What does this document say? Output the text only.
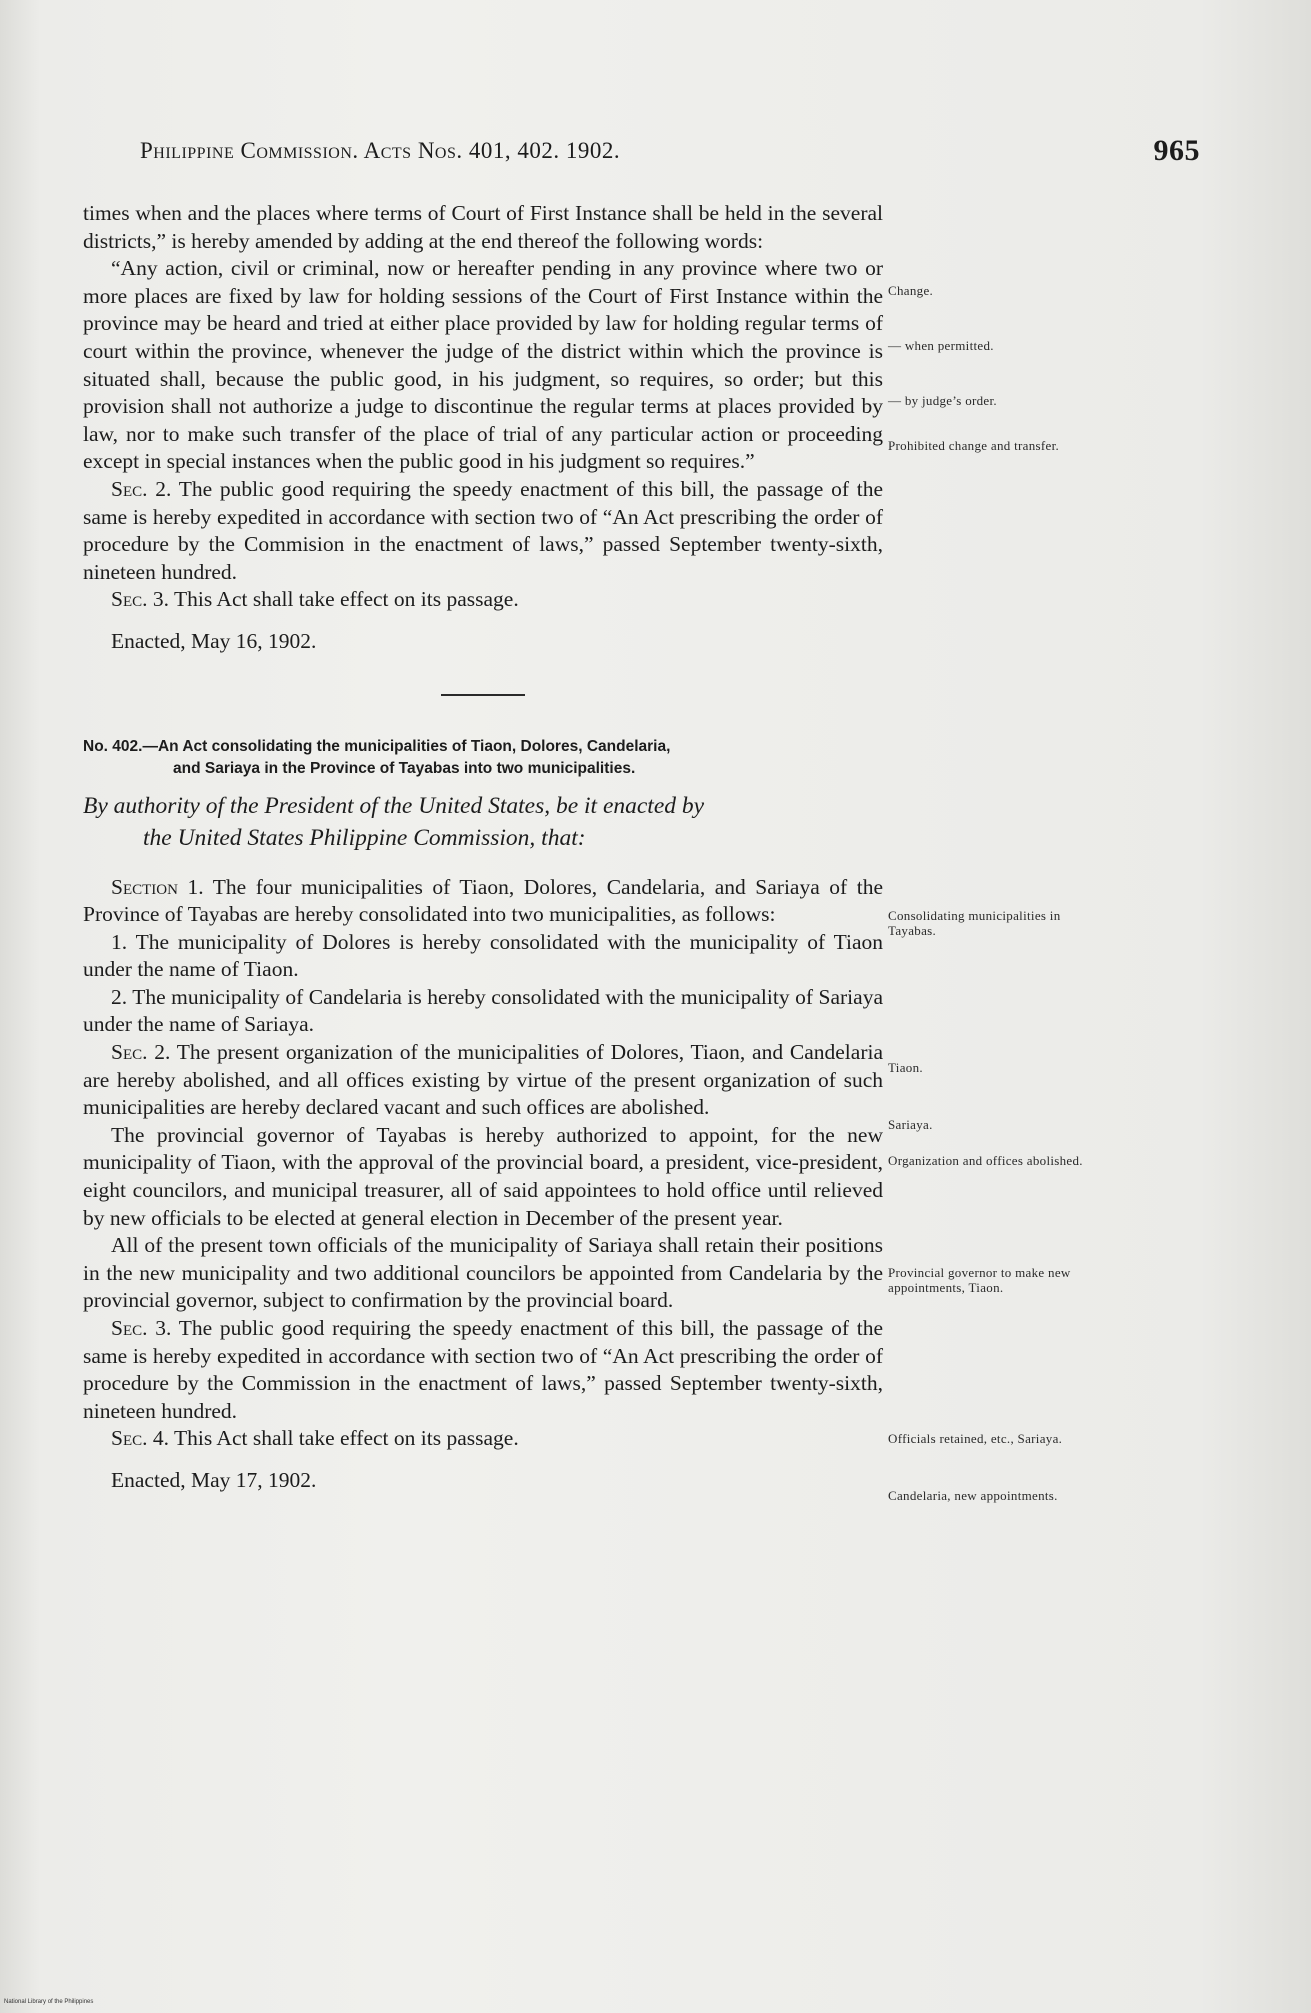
Philippine Commission. Acts Nos. 401, 402. 1902.	965

times when and the places where terms of Court of First Instance shall be held in the several districts,” is hereby amended by adding at the end thereof the following words:

“Any action, civil or criminal, now or hereafter pending in any province where two or more places are fixed by law for holding sessions of the Court of First Instance within the province may be heard and tried at either place provided by law for holding regular terms of court within the province, whenever the judge of the district within which the province is situated shall, because the public good, in his judgment, so requires, so order; but this provision shall not authorize a judge to discontinue the regular terms at places provided by law, nor to make such transfer of the place of trial of any particular action or proceeding except in special instances when the public good in his judgment so requires.”

Sec. 2. The public good requiring the speedy enactment of this bill, the passage of the same is hereby expedited in accordance with section two of “An Act prescribing the order of procedure by the Commision in the enactment of laws,” passed September twenty-sixth, nineteen hundred.

Sec. 3. This Act shall take effect on its passage.

Enacted, May 16, 1902.

No. 402.—An Act consolidating the municipalities of Tiaon, Dolores, Candelaria,
and Sariaya in the Province of Tayabas into two municipalities.

By authority of the President of the United States, be it enacted by
the United States Philippine Commission, that:

Section 1. The four municipalities of Tiaon, Dolores, Candelaria, and Sariaya of the Province of Tayabas are hereby consolidated into two municipalities, as follows:

1. The municipality of Dolores is hereby consolidated with the municipality of Tiaon under the name of Tiaon.

2. The municipality of Candelaria is hereby consolidated with the municipality of Sariaya under the name of Sariaya.

Sec. 2. The present organization of the municipalities of Dolores, Tiaon, and Candelaria are hereby abolished, and all offices existing by virtue of the present organization of such municipalities are hereby declared vacant and such offices are abolished.

The provincial governor of Tayabas is hereby authorized to appoint, for the new municipality of Tiaon, with the approval of the provincial board, a president, vice-president, eight councilors, and municipal treasurer, all of said appointees to hold office until relieved by new officials to be elected at general election in December of the present year.

All of the present town officials of the municipality of Sariaya shall retain their positions in the new municipality and two additional councilors be appointed from Candelaria by the provincial governor, subject to confirmation by the provincial board.

Sec. 3. The public good requiring the speedy enactment of this bill, the passage of the same is hereby expedited in accordance with section two of “An Act prescribing the order of procedure by the Commission in the enactment of laws,” passed September twenty-sixth, nineteen hundred.

Sec. 4. This Act shall take effect on its passage.

Enacted, May 17, 1902.

Change.
— when permitted.
— by judge’s order.
Prohibited change and transfer.
Consolidating municipalities in Tayabas.
Tiaon.
Sariaya.
Organization and offices abolished.
Provincial governor to make new appointments, Tiaon.
Officials retained, etc., Sariaya.
Candelaria, new appointments.
National Library of the Philippines
